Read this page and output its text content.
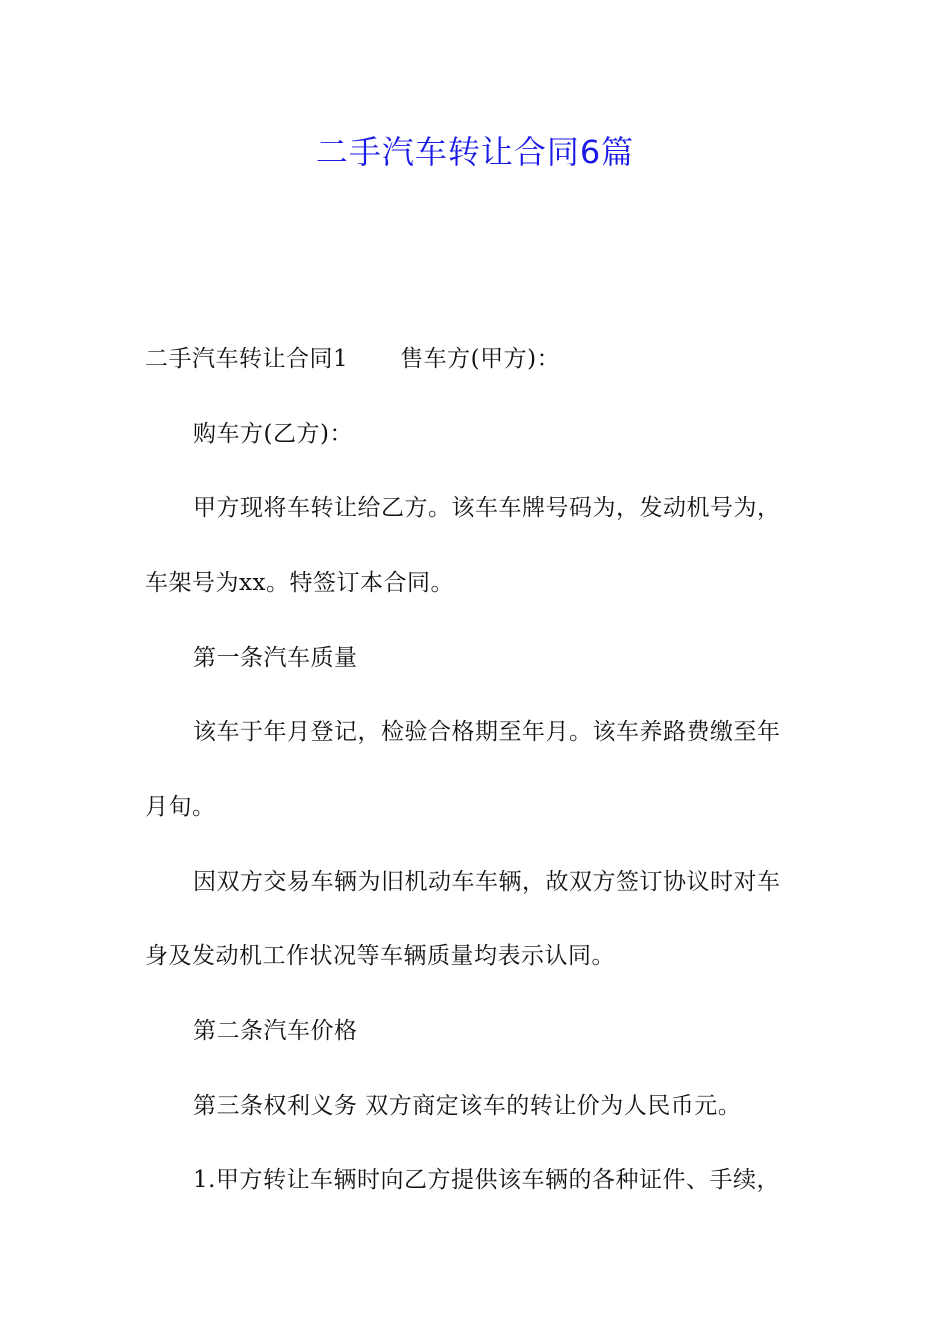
二手汽车转让合同6篇
二手汽车转让合同1 售车方(甲方)：
购车方(乙方)：
甲方现将车转让给乙方。该车车牌号码为，发动机号为，
车架号为xx。特签订本合同。
第一条汽车质量
该车于年月登记，检验合格期至年月。该车养路费缴至年
月旬。
因双方交易车辆为旧机动车车辆，故双方签订协议时对车
身及发动机工作状况等车辆质量均表示认同。
第二条汽车价格
第三条权利义务 双方商定该车的转让价为人民币元。
1.甲方转让车辆时向乙方提供该车辆的各种证件、手续，
